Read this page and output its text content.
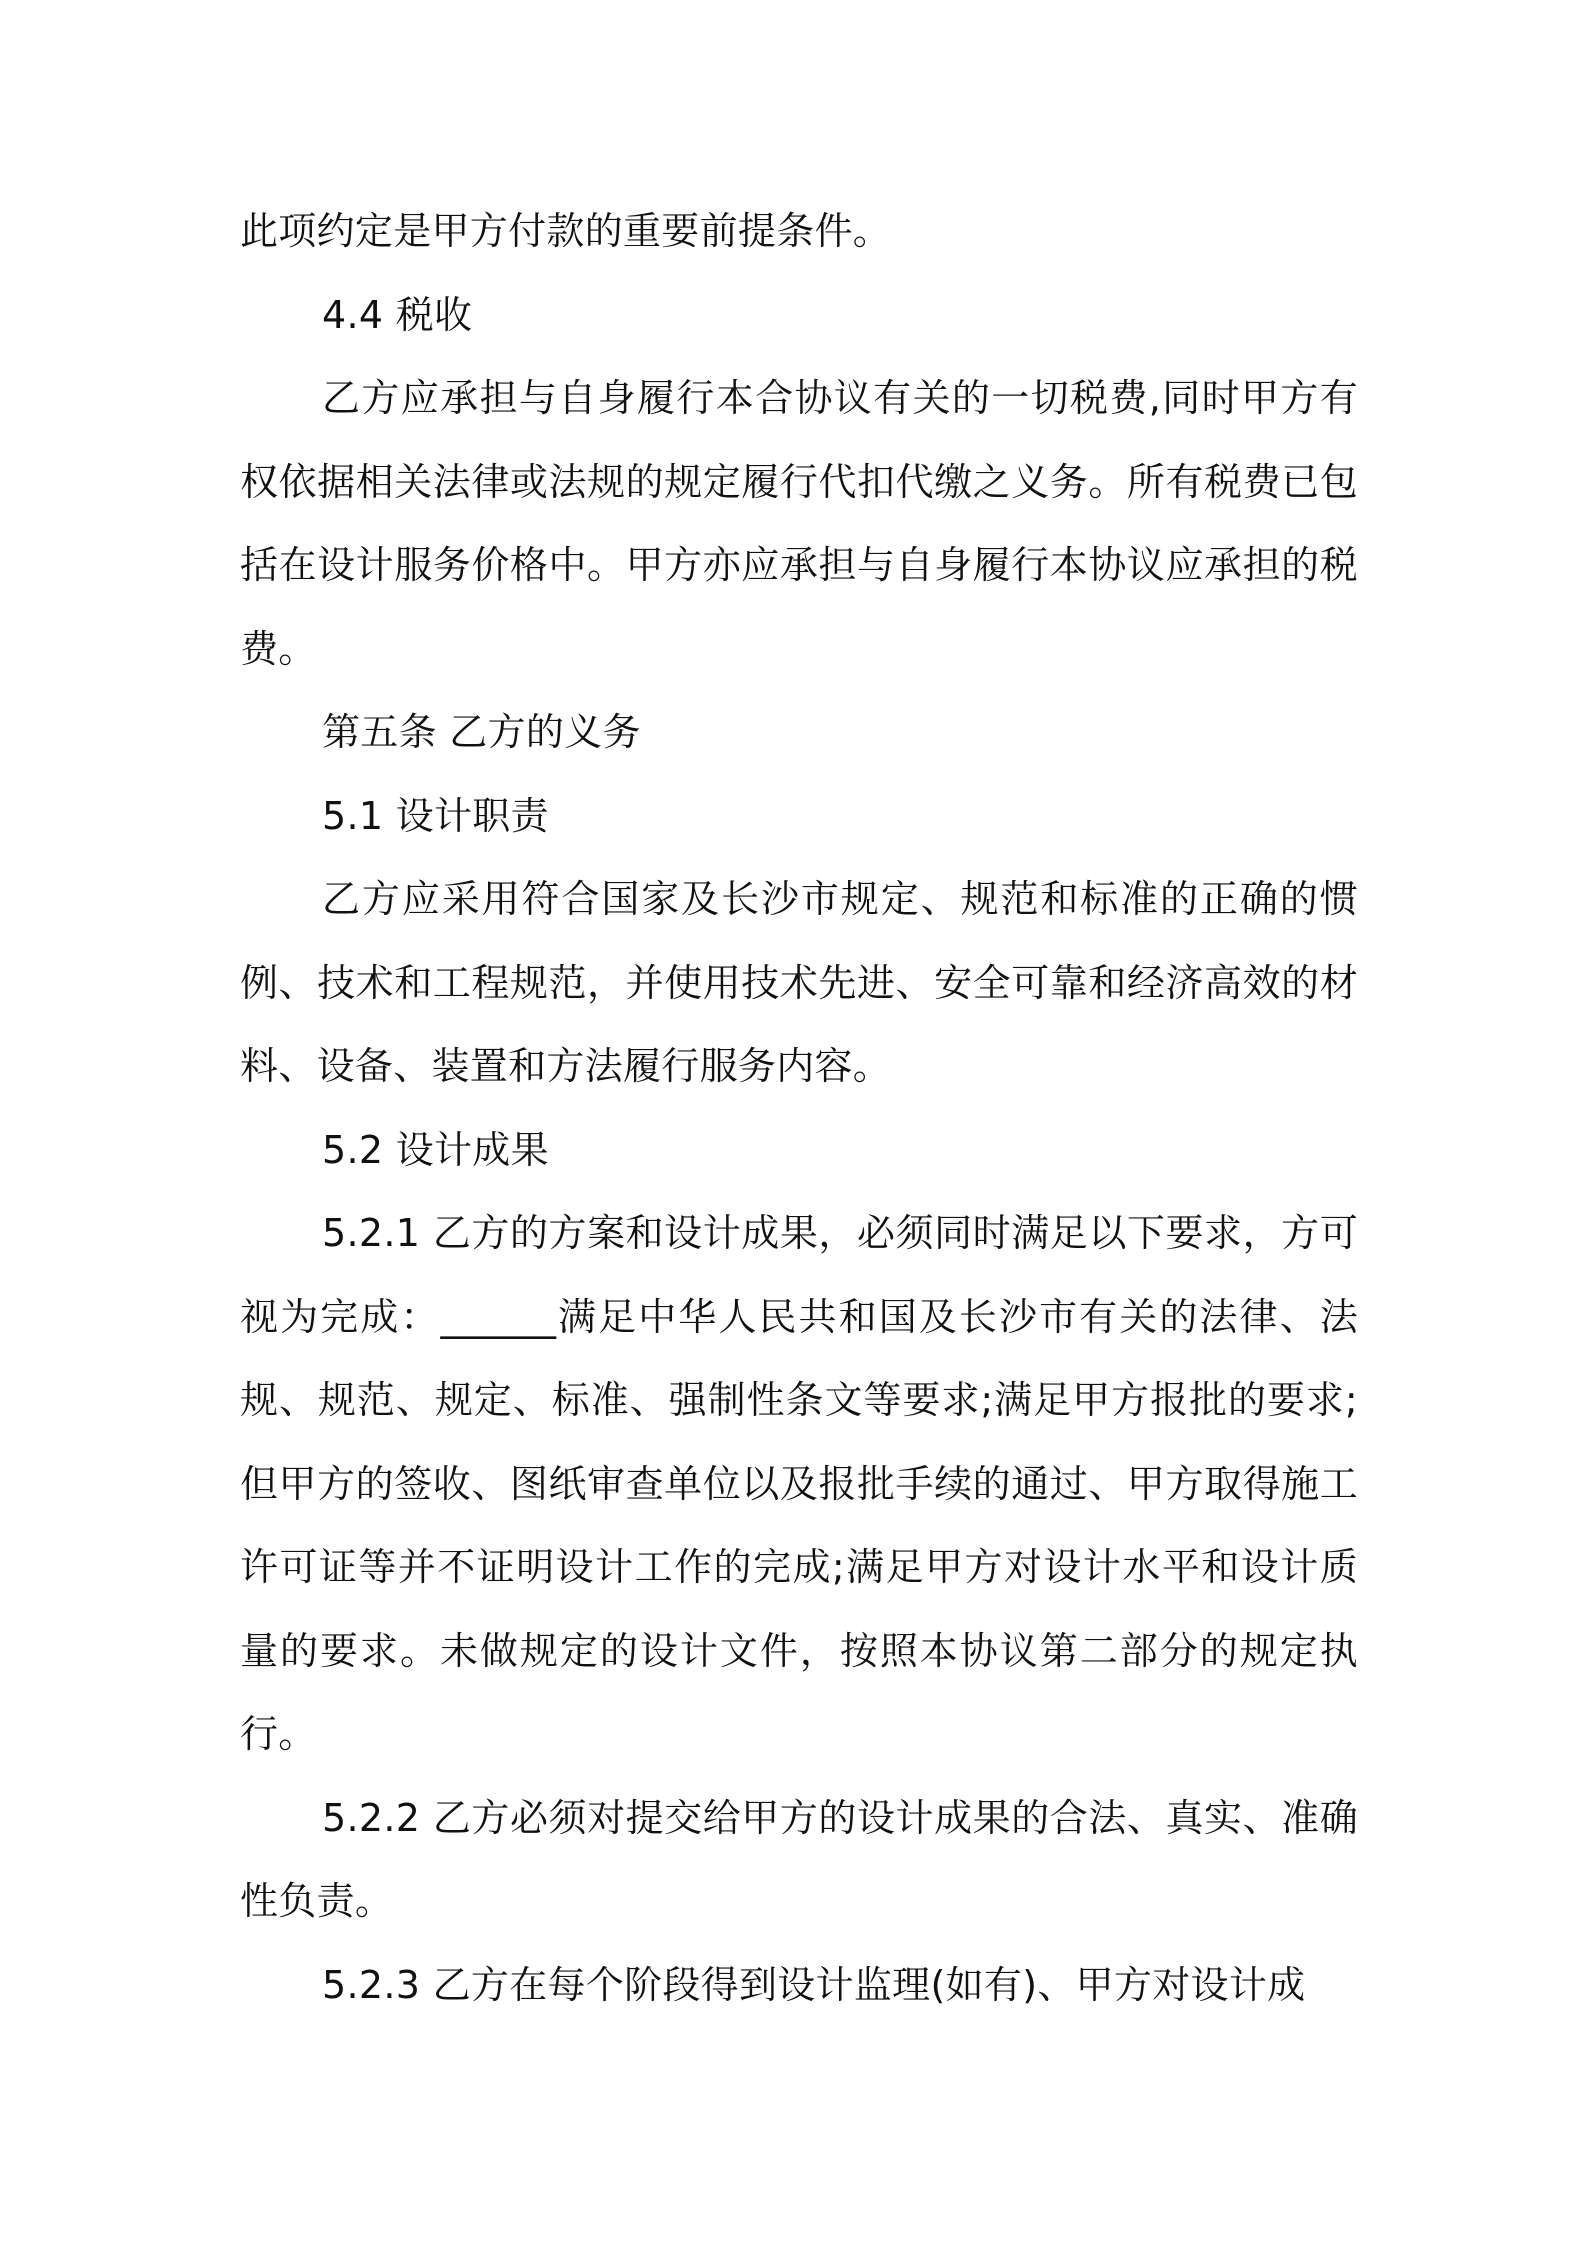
此项约定是甲方付款的重要前提条件。

4.4 税收

乙方应承担与自身履行本合协议有关的一切税费,同时甲方有权依据相关法律或法规的规定履行代扣代缴之义务。所有税费已包括在设计服务价格中。甲方亦应承担与自身履行本协议应承担的税费。

第五条 乙方的义务

5.1 设计职责

乙方应采用符合国家及长沙市规定、规范和标准的正确的惯例、技术和工程规范，并使用技术先进、安全可靠和经济高效的材料、设备、装置和方法履行服务内容。

5.2 设计成果

5.2.1 乙方的方案和设计成果，必须同时满足以下要求，方可视为完成：______满足中华人民共和国及长沙市有关的法律、法规、规范、规定、标准、强制性条文等要求;满足甲方报批的要求;但甲方的签收、图纸审查单位以及报批手续的通过、甲方取得施工许可证等并不证明设计工作的完成;满足甲方对设计水平和设计质量的要求。未做规定的设计文件，按照本协议第二部分的规定执行。

5.2.2 乙方必须对提交给甲方的设计成果的合法、真实、准确性负责。

5.2.3 乙方在每个阶段得到设计监理(如有)、甲方对设计成
